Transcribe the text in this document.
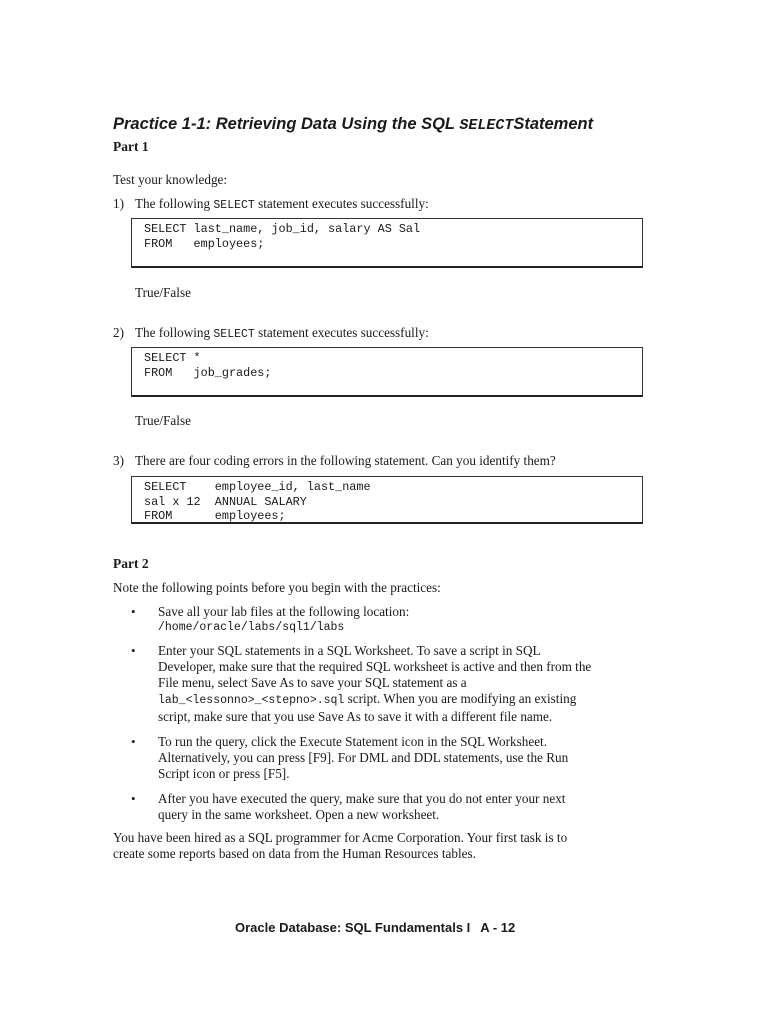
Practice 1-1: Retrieving Data Using the SQL SELECTStatement
Part 1
Test your knowledge:
1) The following SELECT statement executes successfully:
SELECT last_name, job_id, salary AS Sal
FROM   employees;
True/False
2) The following SELECT statement executes successfully:
SELECT *
FROM   job_grades;
True/False
3) There are four coding errors in the following statement. Can you identify them?
SELECT    employee_id, last_name
sal x 12  ANNUAL SALARY
FROM      employees;
Part 2
Note the following points before you begin with the practices:
• Save all your lab files at the following location:
/home/oracle/labs/sql1/labs
• Enter your SQL statements in a SQL Worksheet. To save a script in SQL
Developer, make sure that the required SQL worksheet is active and then from the
File menu, select Save As to save your SQL statement as a
lab_<lessonno>_<stepno>.sql script. When you are modifying an existing
script, make sure that you use Save As to save it with a different file name.
• To run the query, click the Execute Statement icon in the SQL Worksheet.
Alternatively, you can press [F9]. For DML and DDL statements, use the Run
Script icon or press [F5].
• After you have executed the query, make sure that you do not enter your next
query in the same worksheet. Open a new worksheet.
You have been hired as a SQL programmer for Acme Corporation. Your first task is to
create some reports based on data from the Human Resources tables.
Oracle Database: SQL Fundamentals I A - 12
